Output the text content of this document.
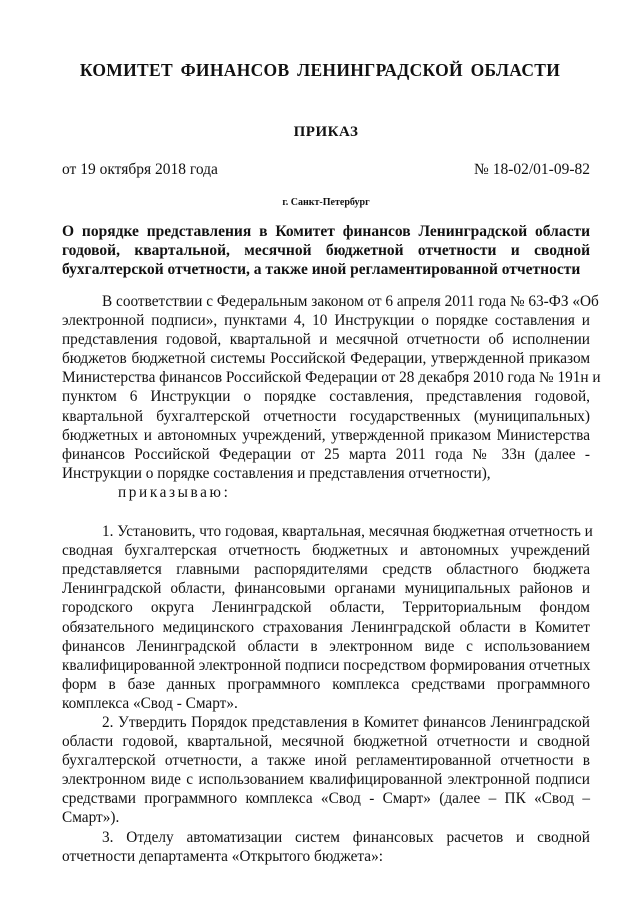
КОМИТЕТ ФИНАНСОВ ЛЕНИНГРАДСКОЙ ОБЛАСТИ
ПРИКАЗ
от 19 октября 2018 года	№ 18-02/01-09-82
г. Санкт-Петербург
О порядке представления в Комитет финансов Ленинградской области
годовой, квартальной, месячной бюджетной отчетности и сводной
бухгалтерской отчетности, а также иной регламентированной отчетности
В соответствии с Федеральным законом от 6 апреля 2011 года № 63-ФЗ «Об
электронной подписи», пунктами 4, 10 Инструкции о порядке составления и
представления годовой, квартальной и месячной отчетности об исполнении
бюджетов бюджетной системы Российской Федерации, утвержденной приказом
Министерства финансов Российской Федерации от 28 декабря 2010 года № 191н и
пунктом 6 Инструкции о порядке составления, представления годовой,
квартальной бухгалтерской отчетности государственных (муниципальных)
бюджетных и автономных учреждений, утвержденной приказом Министерства
финансов Российской Федерации от 25 марта 2011 года № 33н (далее -
Инструкции о порядке составления и представления отчетности),
приказываю:
1. Установить, что годовая, квартальная, месячная бюджетная отчетность и
сводная бухгалтерская отчетность бюджетных и автономных учреждений
представляется главными распорядителями средств областного бюджета
Ленинградской области, финансовыми органами муниципальных районов и
городского округа Ленинградской области, Территориальным фондом
обязательного медицинского страхования Ленинградской области в Комитет
финансов Ленинградской области в электронном виде с использованием
квалифицированной электронной подписи посредством формирования отчетных
форм в базе данных программного комплекса средствами программного
комплекса «Свод - Смарт».
2. Утвердить Порядок представления в Комитет финансов Ленинградской
области годовой, квартальной, месячной бюджетной отчетности и сводной
бухгалтерской отчетности, а также иной регламентированной отчетности в
электронном виде с использованием квалифицированной электронной подписи
средствами программного комплекса «Свод - Смарт» (далее – ПК «Свод –
Смарт»).
3. Отделу автоматизации систем финансовых расчетов и сводной
отчетности департамента «Открытого бюджета»:
